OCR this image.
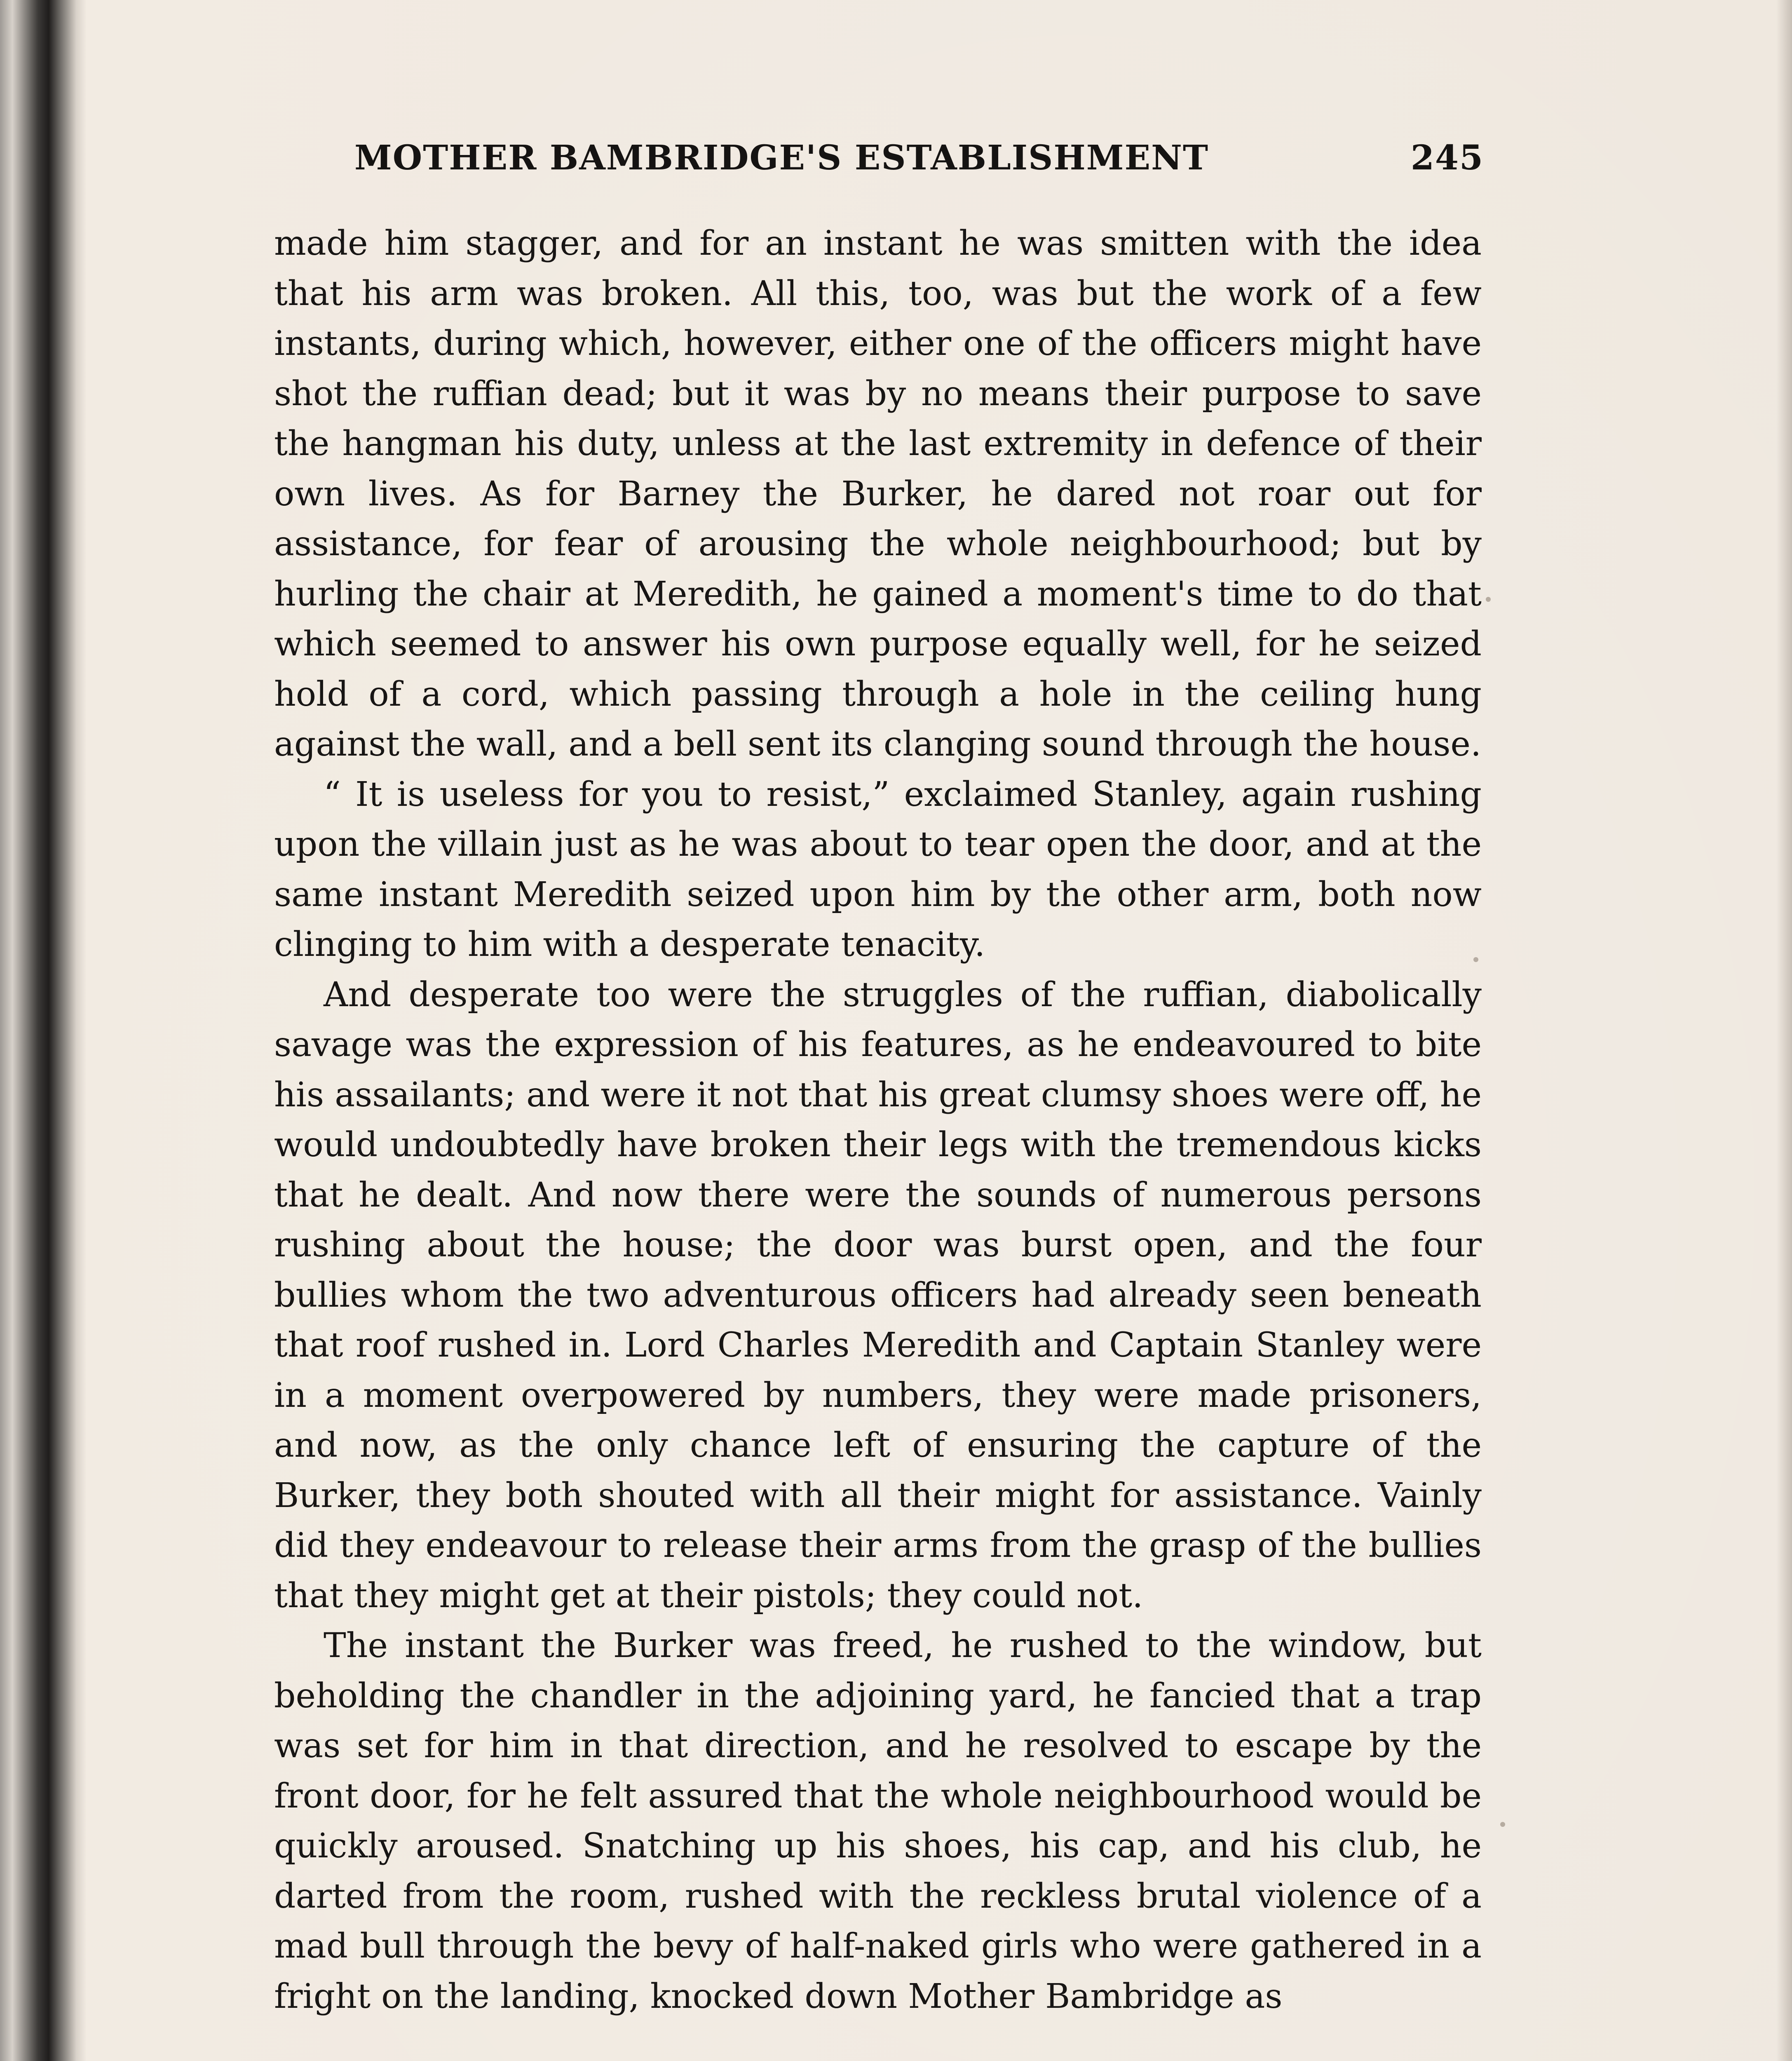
MOTHER BAMBRIDGE'S ESTABLISHMENT	245

made him stagger, and for an instant he was smitten with the idea that his arm was broken. All this, too, was but the work of a few instants, during which, however, either one of the officers might have shot the ruffian dead; but it was by no means their purpose to save the hangman his duty, unless at the last extremity in defence of their own lives. As for Barney the Burker, he dared not roar out for assistance, for fear of arousing the whole neighbourhood; but by hurling the chair at Meredith, he gained a moment's time to do that which seemed to answer his own purpose equally well, for he seized hold of a cord, which passing through a hole in the ceiling hung against the wall, and a bell sent its clanging sound through the house.

“ It is useless for you to resist,” exclaimed Stanley, again rushing upon the villain just as he was about to tear open the door, and at the same instant Meredith seized upon him by the other arm, both now clinging to him with a desperate tenacity.

And desperate too were the struggles of the ruffian, diabolically savage was the expression of his features, as he endeavoured to bite his assailants; and were it not that his great clumsy shoes were off, he would undoubtedly have broken their legs with the tremendous kicks that he dealt. And now there were the sounds of numerous persons rushing about the house; the door was burst open, and the four bullies whom the two adventurous officers had already seen beneath that roof rushed in. Lord Charles Meredith and Captain Stanley were in a moment overpowered by numbers, they were made prisoners, and now, as the only chance left of ensuring the capture of the Burker, they both shouted with all their might for assistance. Vainly did they endeavour to release their arms from the grasp of the bullies that they might get at their pistols; they could not.

The instant the Burker was freed, he rushed to the window, but beholding the chandler in the adjoining yard, he fancied that a trap was set for him in that direction, and he resolved to escape by the front door, for he felt assured that the whole neighbourhood would be quickly aroused. Snatching up his shoes, his cap, and his club, he darted from the room, rushed with the reckless brutal violence of a mad bull through the bevy of half-naked girls who were gathered in a fright on the landing, knocked down Mother Bambridge as
